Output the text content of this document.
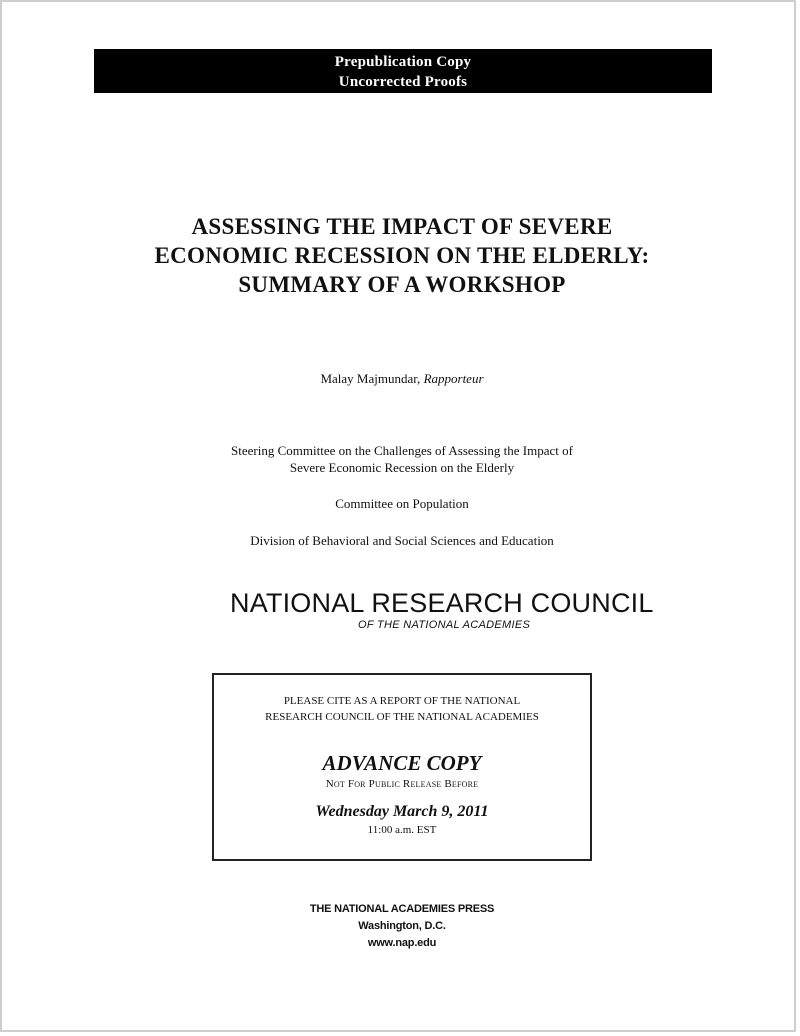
Prepublication Copy
Uncorrected Proofs
ASSESSING THE IMPACT OF SEVERE
ECONOMIC RECESSION ON THE ELDERLY:
SUMMARY OF A WORKSHOP
Malay Majmundar, Rapporteur
Steering Committee on the Challenges of Assessing the Impact of
Severe Economic Recession on the Elderly
Committee on Population
Division of Behavioral and Social Sciences and Education
NATIONAL RESEARCH COUNCIL
OF THE NATIONAL ACADEMIES
PLEASE CITE AS A REPORT OF THE NATIONAL
RESEARCH COUNCIL OF THE NATIONAL ACADEMIES
ADVANCE COPY
Not For Public Release Before
Wednesday March 9, 2011
11:00 a.m. EST
THE NATIONAL ACADEMIES PRESS
Washington, D.C.
www.nap.edu
